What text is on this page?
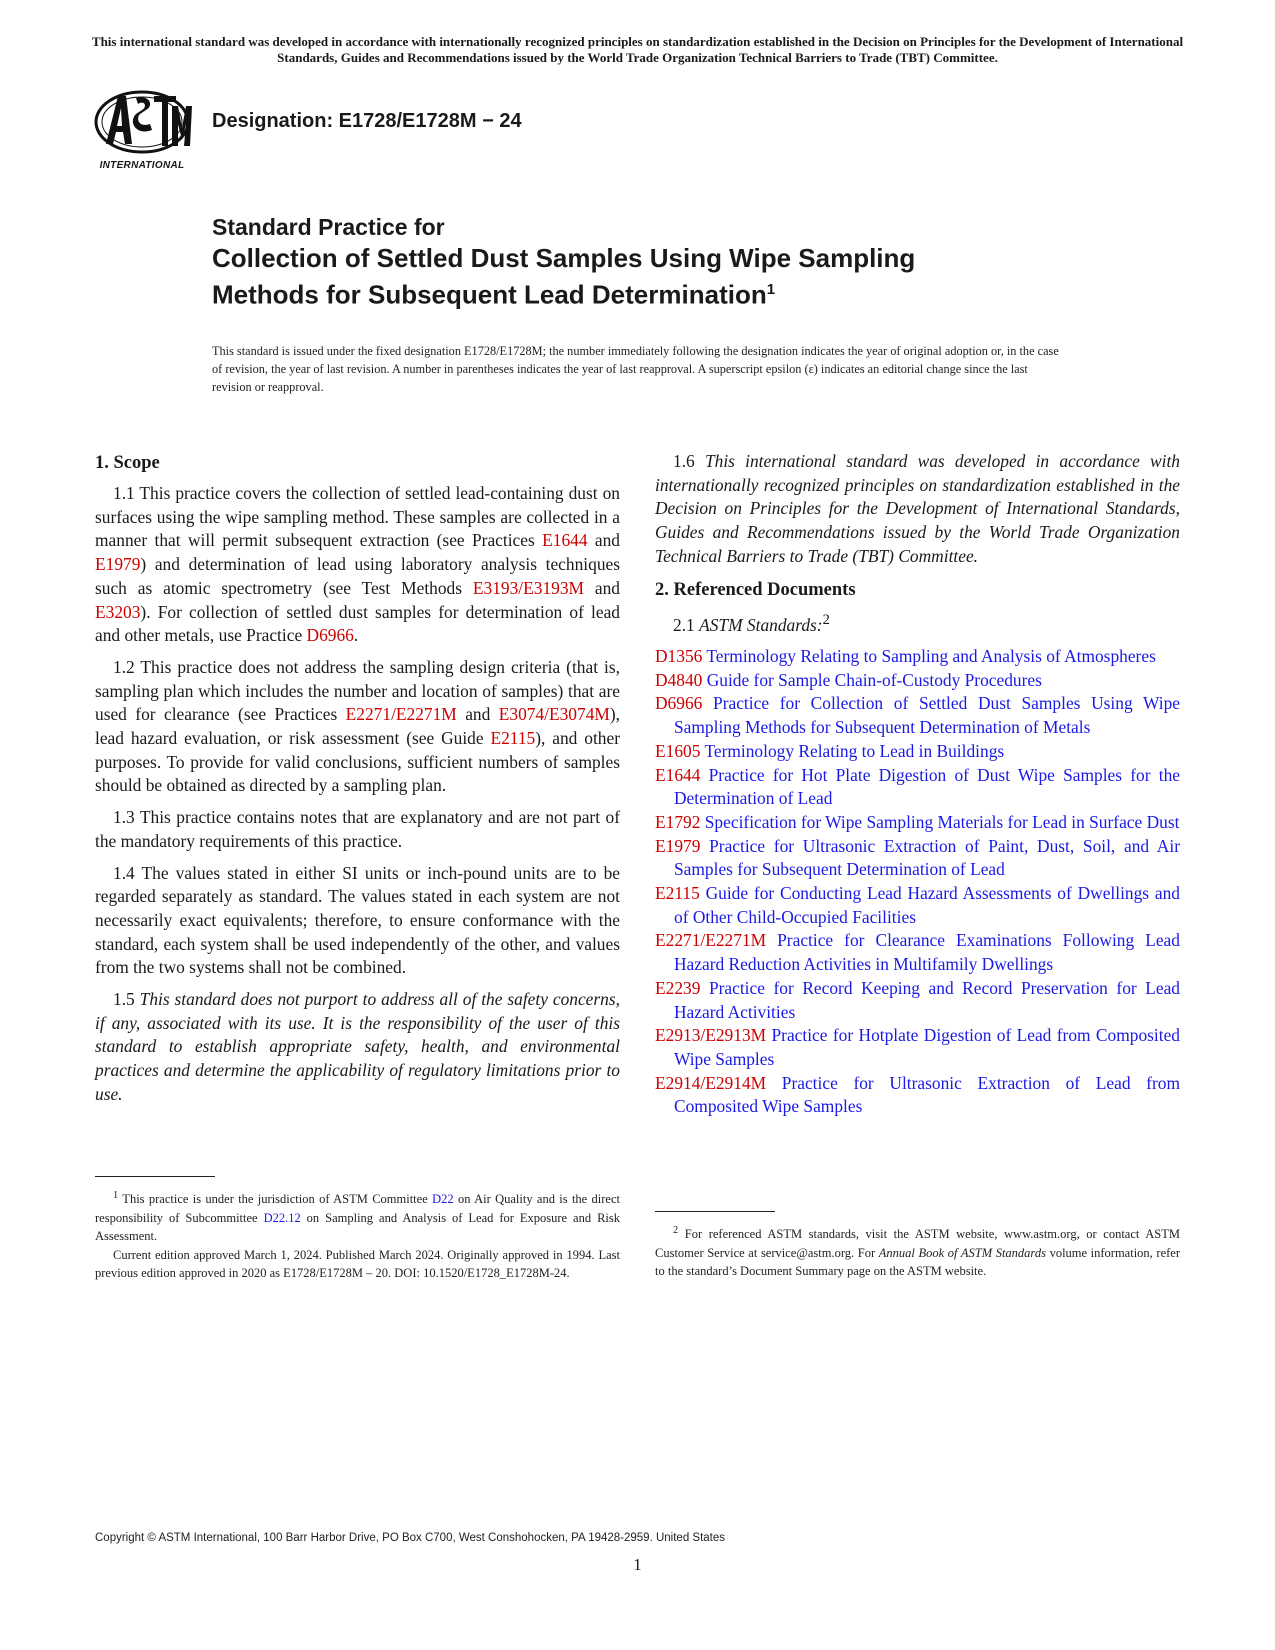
This international standard was developed in accordance with internationally recognized principles on standardization established in the Decision on Principles for the Development of International Standards, Guides and Recommendations issued by the World Trade Organization Technical Barriers to Trade (TBT) Committee.
INTERNATIONAL
Designation: E1728/E1728M − 24
Standard Practice for
Collection of Settled Dust Samples Using Wipe Sampling
Methods for Subsequent Lead Determination$^1$
This standard is issued under the fixed designation E1728/E1728M; the number immediately following the designation indicates the year of original adoption or, in the case of revision, the year of last revision. A number in parentheses indicates the year of last reapproval. A superscript epsilon (ε) indicates an editorial change since the last revision or reapproval.
1. Scope

1.1 This practice covers the collection of settled lead-containing dust on surfaces using the wipe sampling method. These samples are collected in a manner that will permit subsequent extraction (see Practices E1644 and E1979) and determination of lead using laboratory analysis techniques such as atomic spectrometry (see Test Methods E3193/E3193M and E3203). For collection of settled dust samples for determination of lead and other metals, use Practice D6966.

1.2 This practice does not address the sampling design criteria (that is, sampling plan which includes the number and location of samples) that are used for clearance (see Practices E2271/E2271M and E3074/E3074M), lead hazard evaluation, or risk assessment (see Guide E2115), and other purposes. To provide for valid conclusions, sufficient numbers of samples should be obtained as directed by a sampling plan.

1.3 This practice contains notes that are explanatory and are not part of the mandatory requirements of this practice.

1.4 The values stated in either SI units or inch-pound units are to be regarded separately as standard. The values stated in each system are not necessarily exact equivalents; therefore, to ensure conformance with the standard, each system shall be used independently of the other, and values from the two systems shall not be combined.

1.5 This standard does not purport to address all of the safety concerns, if any, associated with its use. It is the responsibility of the user of this standard to establish appropriate safety, health, and environmental practices and determine the applicability of regulatory limitations prior to use.

1.6 This international standard was developed in accordance with internationally recognized principles on standardization established in the Decision on Principles for the Development of International Standards, Guides and Recommendations issued by the World Trade Organization Technical Barriers to Trade (TBT) Committee.

2. Referenced Documents

2.1 ASTM Standards:$^2$

D1356 Terminology Relating to Sampling and Analysis of Atmospheres
D4840 Guide for Sample Chain-of-Custody Procedures
D6966 Practice for Collection of Settled Dust Samples Using Wipe Sampling Methods for Subsequent Determination of Metals
E1605 Terminology Relating to Lead in Buildings
E1644 Practice for Hot Plate Digestion of Dust Wipe Samples for the Determination of Lead
E1792 Specification for Wipe Sampling Materials for Lead in Surface Dust
E1979 Practice for Ultrasonic Extraction of Paint, Dust, Soil, and Air Samples for Subsequent Determination of Lead
E2115 Guide for Conducting Lead Hazard Assessments of Dwellings and of Other Child-Occupied Facilities
E2271/E2271M Practice for Clearance Examinations Following Lead Hazard Reduction Activities in Multifamily Dwellings
E2239 Practice for Record Keeping and Record Preservation for Lead Hazard Activities
E2913/E2913M Practice for Hotplate Digestion of Lead from Composited Wipe Samples
E2914/E2914M Practice for Ultrasonic Extraction of Lead from Composited Wipe Samples

$^1$ This practice is under the jurisdiction of ASTM Committee D22 on Air Quality and is the direct responsibility of Subcommittee D22.12 on Sampling and Analysis of Lead for Exposure and Risk Assessment.

Current edition approved March 1, 2024. Published March 2024. Originally approved in 1994. Last previous edition approved in 2020 as E1728/E1728M – 20. DOI: 10.1520/E1728_E1728M-24.

$^2$ For referenced ASTM standards, visit the ASTM website, www.astm.org, or contact ASTM Customer Service at service@astm.org. For Annual Book of ASTM Standards volume information, refer to the standard’s Document Summary page on the ASTM website.

Copyright © ASTM International, 100 Barr Harbor Drive, PO Box C700, West Conshohocken, PA 19428-2959. United States
1
